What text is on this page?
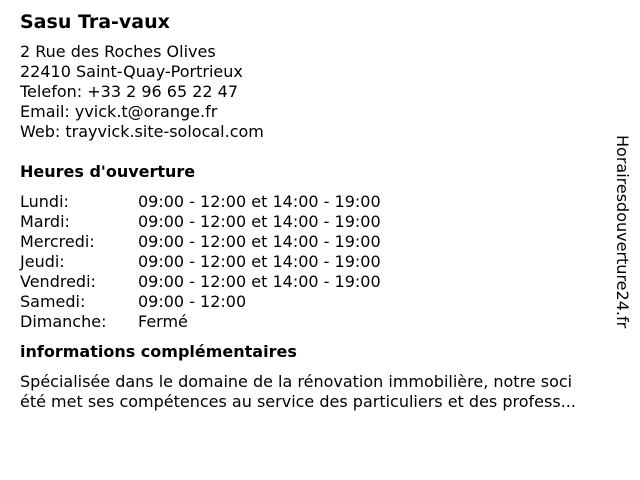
Sasu Tra-vaux
2 Rue des Roches Olives
22410 Saint-Quay-Portrieux
Telefon: +33 2 96 65 22 47
Email: yvick.t@orange.fr
Web: trayvick.site-solocal.com
Heures d'ouverture
Lundi:	09:00 - 12:00 et 14:00 - 19:00
Mardi:	09:00 - 12:00 et 14:00 - 19:00
Mercredi:	09:00 - 12:00 et 14:00 - 19:00
Jeudi:	09:00 - 12:00 et 14:00 - 19:00
Vendredi:	09:00 - 12:00 et 14:00 - 19:00
Samedi:	09:00 - 12:00
Dimanche:	Fermé
informations complémentaires

Spécialisée dans le domaine de la rénovation immobilière, notre soci
été met ses compétences au service des particuliers et des profess...

Horairesdouverture24.fr
